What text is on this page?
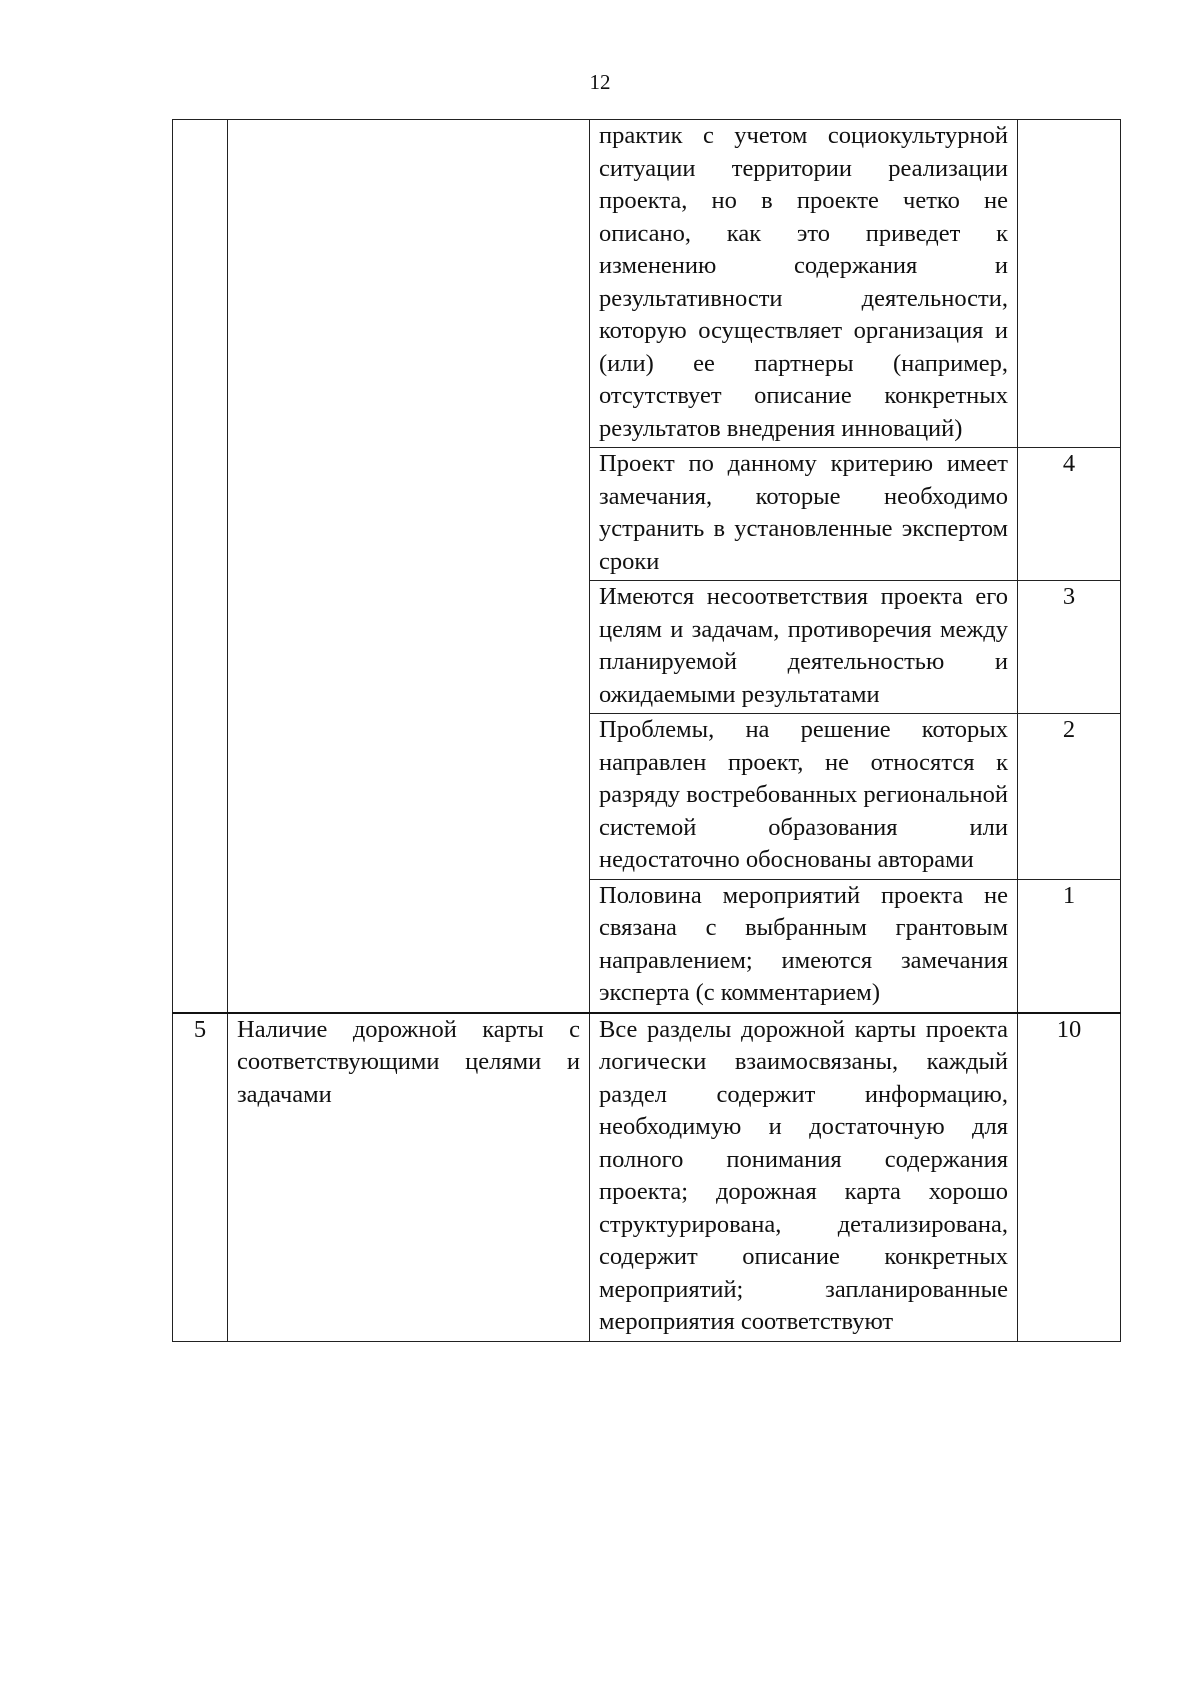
12
		практик с учетом социокультурной ситуации территории реализации проекта, но в проекте четко не описано, как это приведет к изменению содержания и результативности деятельности, которую осуществляет организация и (или) ее партнеры (например, отсутствует описание конкретных результатов внедрения инноваций)	
		Проект по данному критерию имеет замечания, которые необходимо устранить в установленные экспертом сроки	4
		Имеются несоответствия проекта его целям и задачам, противоречия между планируемой деятельностью и ожидаемыми результатами	3
		Проблемы, на решение которых направлен проект, не относятся к разряду востребованных региональной системой образования или недостаточно обоснованы авторами	2
		Половина мероприятий проекта не связана с выбранным грантовым направлением; имеются замечания эксперта (с комментарием)	1
5	Наличие дорожной карты с соответствующими целями и задачами	Все разделы дорожной карты проекта логически взаимосвязаны, каждый раздел содержит информацию, необходимую и достаточную для полного понимания содержания проекта; дорожная карта хорошо структурирована, детализирована, содержит описание конкретных мероприятий; запланированные мероприятия соответствуют	10
